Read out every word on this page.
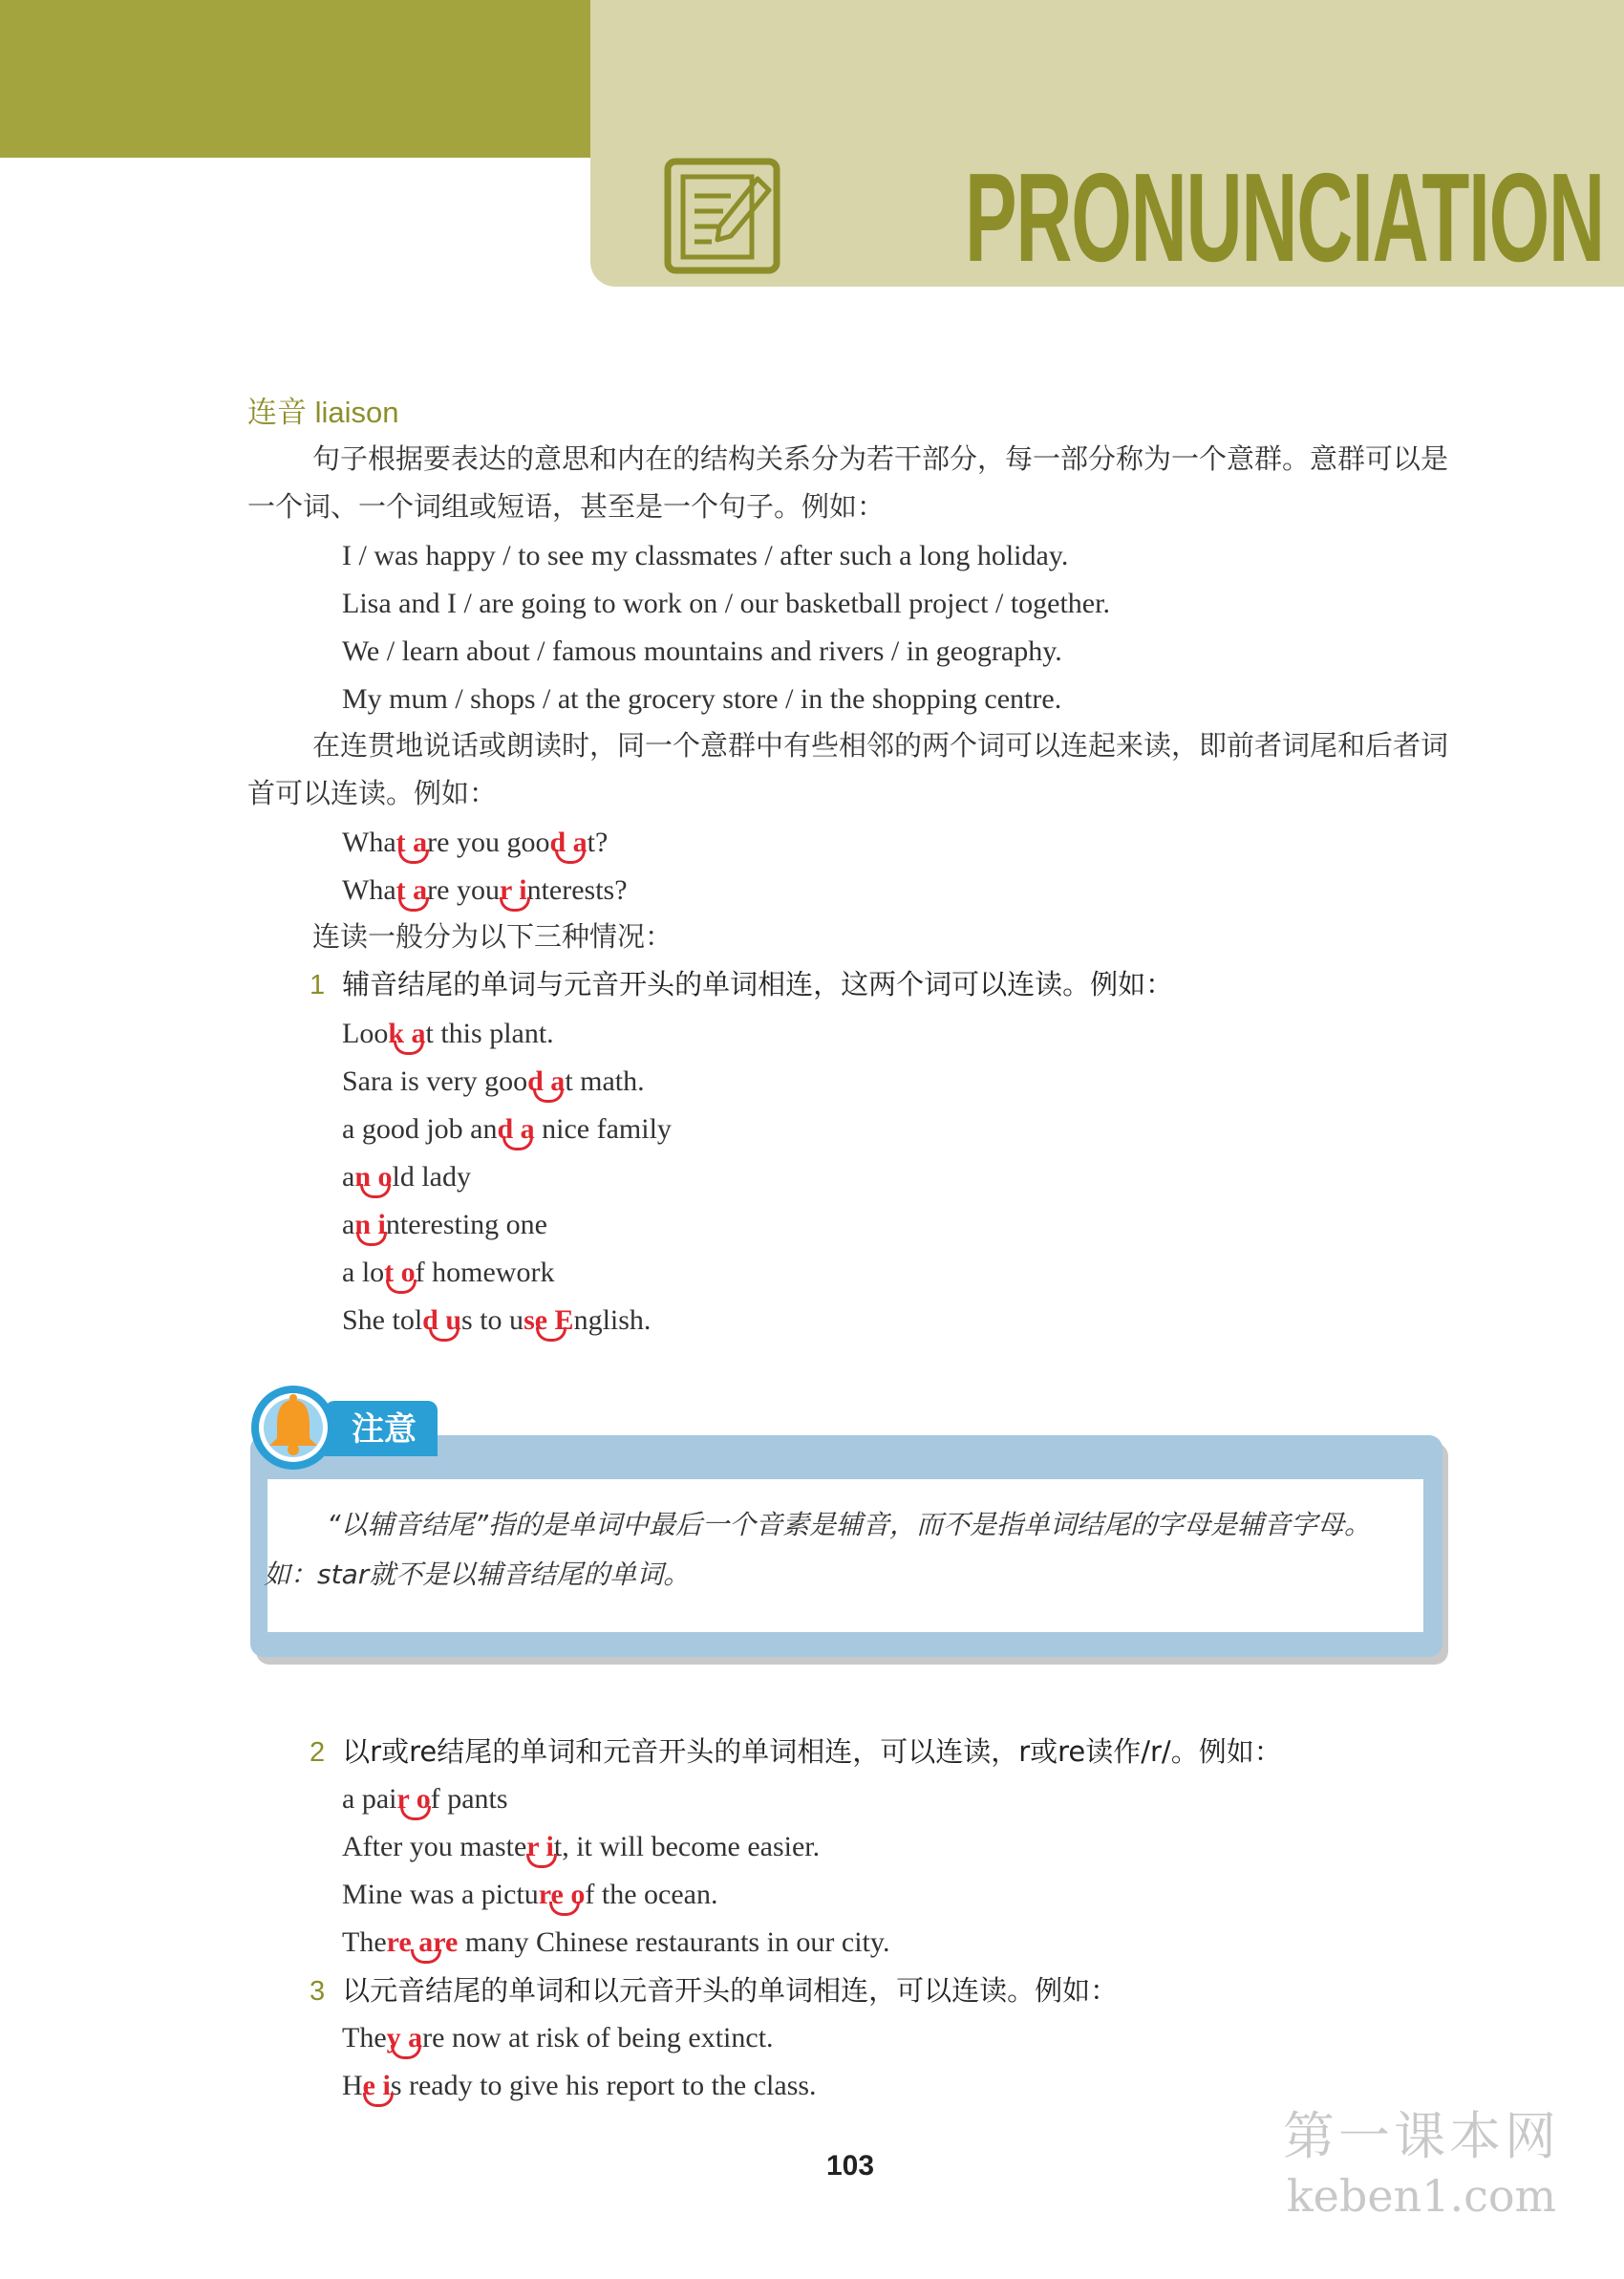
PRONUNCIATION
连音 liaison
句子根据要表达的意思和内在的结构关系分为若干部分，每一部分称为一个意群。意群可以是一个词、一个词组或短语，甚至是一个句子。例如：
I / was happy / to see my classmates / after such a long holiday.
Lisa and I / are going to work on / our basketball project / together.
We / learn about / famous mountains and rivers / in geography.
My mum / shops / at the grocery store / in the shopping centre.
在连贯地说话或朗读时，同一个意群中有些相邻的两个词可以连起来读，即前者词尾和后者词首可以连读。例如：
What are you good at?
What are your interests?
连读一般分为以下三种情况：
1 辅音结尾的单词与元音开头的单词相连，这两个词可以连读。例如：
Look at this plant.
Sara is very good at math.
a good job and a nice family
an old lady
an interesting one
a lot of homework
She told us to use English.
注意
“以辅音结尾”指的是单词中最后一个音素是辅音，而不是指单词结尾的字母是辅音字母。如：star就不是以辅音结尾的单词。
2 以r或re结尾的单词和元音开头的单词相连，可以连读，r或re读作/r/。例如：
a pair of pants
After you master it, it will become easier.
Mine was a picture of the ocean.
There are many Chinese restaurants in our city.
3 以元音结尾的单词和以元音开头的单词相连，可以连读。例如：
They are now at risk of being extinct.
He is ready to give his report to the class.
103	第一课本网
keben1.com
